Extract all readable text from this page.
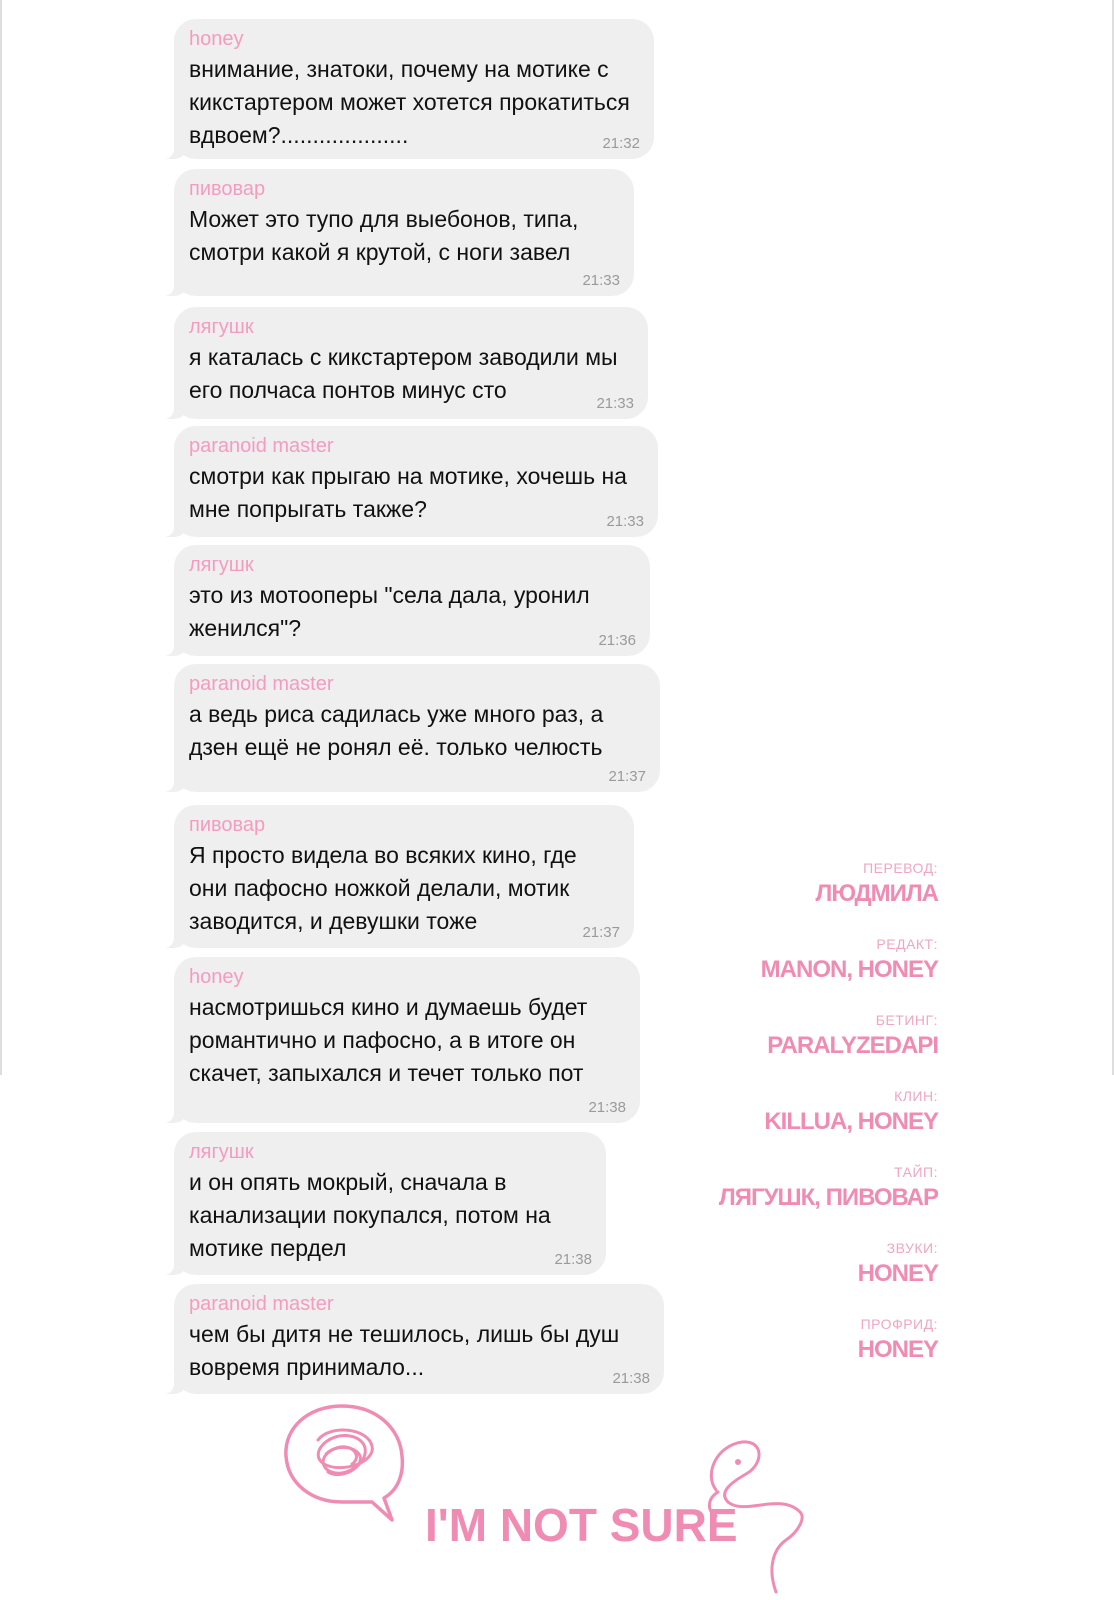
honey
внимание, знатоки, почему на мотике с кикстартером может хотется прокатиться вдвоем?....................	21:32
пивовар
Может это тупо для выебонов, типа, смотри какой я крутой, с ноги завел
21:33
лягушк
я каталась с кикстартером заводили мы его полчаса понтов минус сто
21:33
paranoid master
смотри как прыгаю на мотике, хочешь на мне попрыгать также?	21:33
лягушк
это из мотооперы "села дала, уронил женился"?	21:36
paranoid master
а ведь риса садилась уже много раз, а дзен ещё не ронял её. только челюсть
21:37
пивовар
Я просто видела во всяких кино, где они пафосно ножкой делали, мотик заводится, и девушки тоже	21:37
honey
насмотришься кино и думаешь будет романтично и пафосно, а в итоге он скачет, запыхался и течет только пот
21:38
лягушк
и он опять мокрый, сначала в канализации покупался, потом на мотике пердел	21:38
paranoid master
чем бы дитя не тешилось, лишь бы душ вовремя принимало...	21:38
ПЕРЕВОД:
ЛЮДМИЛА
РЕДАКТ:
MANON, HONEY
БЕТИНГ:
PARALYZEDAPI
КЛИН:
KILLUA, HONEY
ТАЙП:
ЛЯГУШК, ПИВОВАР
ЗВУКИ:
HONEY
ПРОФРИД:
HONEY
I'M NOT SURE
